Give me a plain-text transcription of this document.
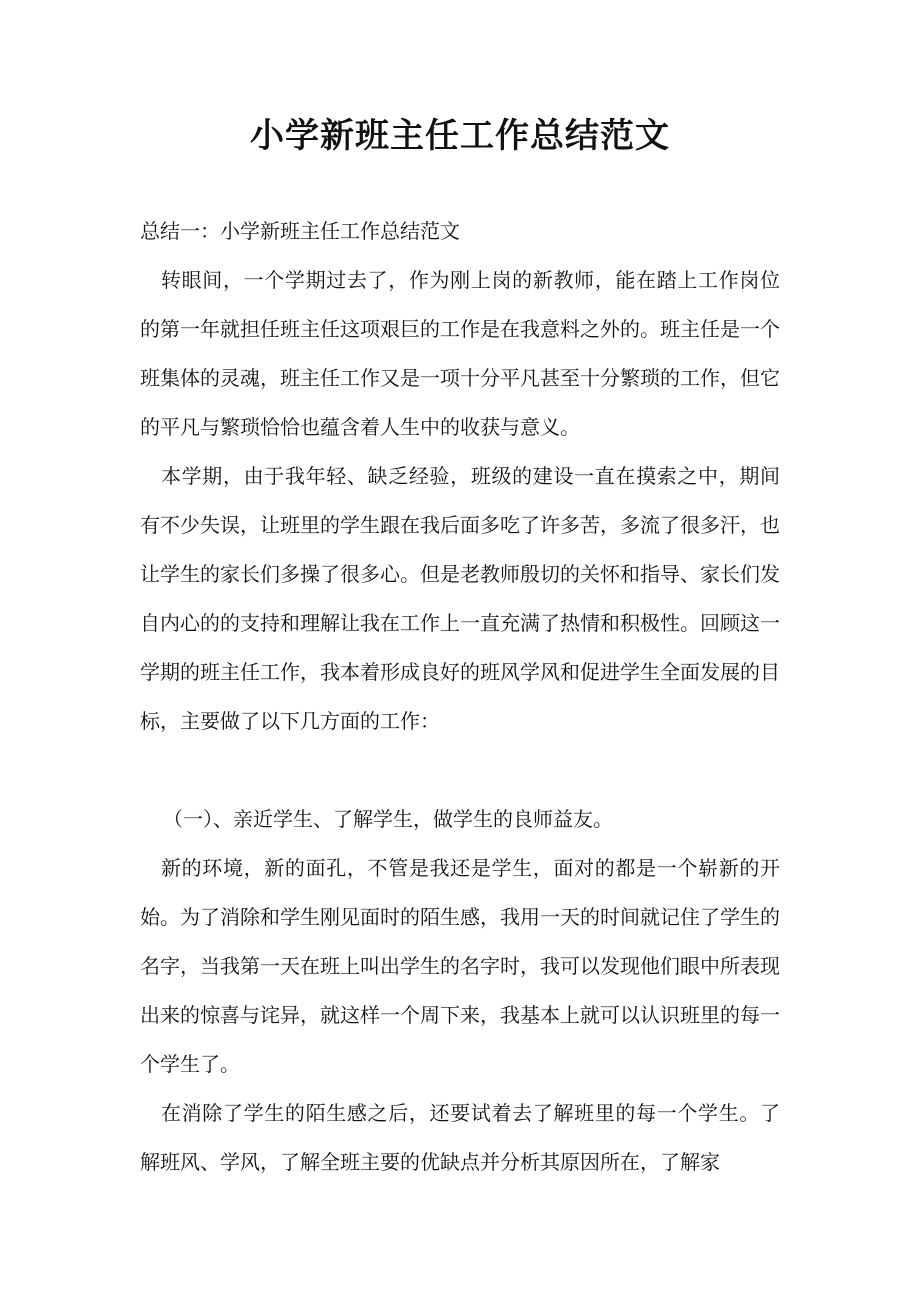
小学新班主任工作总结范文

总结一：小学新班主任工作总结范文

转眼间，一个学期过去了，作为刚上岗的新教师，能在踏上工作岗位的第一年就担任班主任这项艰巨的工作是在我意料之外的。班主任是一个班集体的灵魂，班主任工作又是一项十分平凡甚至十分繁琐的工作，但它的平凡与繁琐恰恰也蕴含着人生中的收获与意义。

本学期，由于我年轻、缺乏经验，班级的建设一直在摸索之中，期间有不少失误，让班里的学生跟在我后面多吃了许多苦，多流了很多汗，也让学生的家长们多操了很多心。但是老教师殷切的关怀和指导、家长们发自内心的的支持和理解让我在工作上一直充满了热情和积极性。回顾这一学期的班主任工作，我本着形成良好的班风学风和促进学生全面发展的目标，主要做了以下几方面的工作：

（一）、亲近学生、了解学生，做学生的良师益友。

新的环境，新的面孔，不管是我还是学生，面对的都是一个崭新的开始。为了消除和学生刚见面时的陌生感，我用一天的时间就记住了学生的名字，当我第一天在班上叫出学生的名字时，我可以发现他们眼中所表现出来的惊喜与诧异，就这样一个周下来，我基本上就可以认识班里的每一个学生了。

在消除了学生的陌生感之后，还要试着去了解班里的每一个学生。了解班风、学风，了解全班主要的优缺点并分析其原因所在，了解家
